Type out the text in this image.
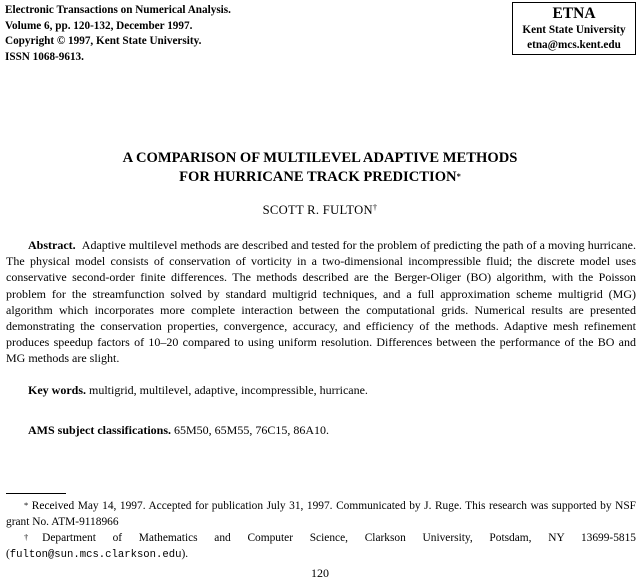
Electronic Transactions on Numerical Analysis.
Volume 6, pp. 120-132, December 1997.
Copyright © 1997, Kent State University.
ISSN 1068-9613.
ETNA
Kent State University
etna@mcs.kent.edu
A COMPARISON OF MULTILEVEL ADAPTIVE METHODS
FOR HURRICANE TRACK PREDICTION*
SCOTT R. FULTON†

Abstract. Adaptive multilevel methods are described and tested for the problem of predicting the path of a moving hurricane. The physical model consists of conservation of vorticity in a two-dimensional incompressible fluid; the discrete model uses conservative second-order finite differences. The methods described are the Berger-Oliger (BO) algorithm, with the Poisson problem for the streamfunction solved by standard multigrid techniques, and a full approximation scheme multigrid (MG) algorithm which incorporates more complete interaction between the computational grids. Numerical results are presented demonstrating the conservation properties, convergence, accuracy, and efficiency of the methods. Adaptive mesh refinement produces speedup factors of 10–20 compared to using uniform resolution. Differences between the performance of the BO and MG methods are slight.

Key words. multigrid, multilevel, adaptive, incompressible, hurricane.
AMS subject classifications. 65M50, 65M55, 76C15, 86A10.

* Received May 14, 1997. Accepted for publication July 31, 1997. Communicated by J. Ruge. This research was supported by NSF grant No. ATM-9118966

†Department of Mathematics and Computer Science, Clarkson University, Potsdam, NY 13699-5815 (fulton@sun.mcs.clarkson.edu).

120
